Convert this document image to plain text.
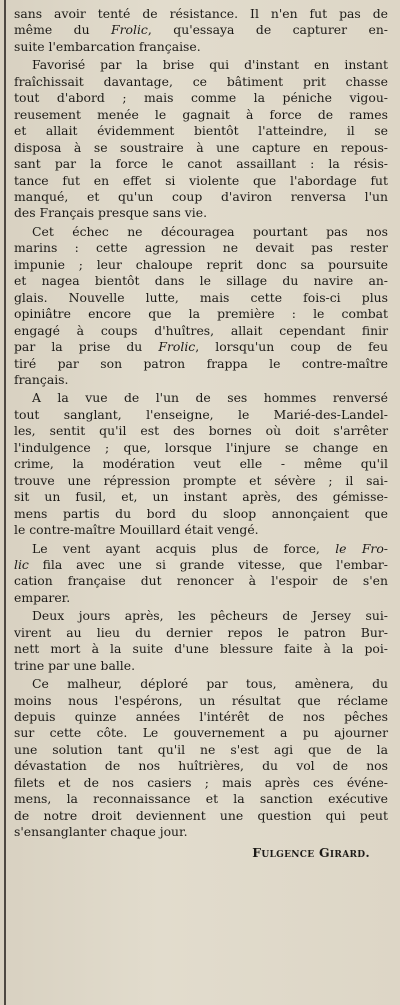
sans avoir tenté de résistance. Il n'en fut pas de
même du Frolic, qu'essaya de capturer en-
suite l'embarcation française.

Favorisé par la brise qui d'instant en instant
fraîchissait davantage, ce bâtiment prit chasse
tout d'abord ; mais comme la péniche vigou-
reusement menée le gagnait à force de rames
et allait évidemment bientôt l'atteindre, il se
disposa à se soustraire à une capture en repous-
sant par la force le canot assaillant : la résis-
tance fut en effet si violente que l'abordage fut
manqué, et qu'un coup d'aviron renversa l'un
des Français presque sans vie.

Cet échec ne découragea pourtant pas nos
marins : cette agression ne devait pas rester
impunie ; leur chaloupe reprit donc sa poursuite
et nagea bientôt dans le sillage du navire an-
glais. Nouvelle lutte, mais cette fois-ci plus
opiniâtre encore que la première : le combat
engagé à coups d'huîtres, allait cependant finir
par la prise du Frolic, lorsqu'un coup de feu
tiré par son patron frappa le contre-maître
français.

A la vue de l'un de ses hommes renversé
tout sanglant, l'enseigne, le Marié-des-Landel-
les, sentit qu'il est des bornes où doit s'arrêter
l'indulgence ; que, lorsque l'injure se change en
crime, la modération veut elle - même qu'il
trouve une répression prompte et sévère ; il sai-
sit un fusil, et, un instant après, des gémisse-
mens partis du bord du sloop annonçaient que
le contre-maître Mouillard était vengé.

Le vent ayant acquis plus de force, le Fro-
lic fila avec une si grande vitesse, que l'embar-
cation française dut renoncer à l'espoir de s'en
emparer.

Deux jours après, les pêcheurs de Jersey sui-
virent au lieu du dernier repos le patron Bur-
nett mort à la suite d'une blessure faite à la poi-
trine par une balle.

Ce malheur, déploré par tous, amènera, du
moins nous l'espérons, un résultat que réclame
depuis quinze années l'intérêt de nos pêches
sur cette côte. Le gouvernement a pu ajourner
une solution tant qu'il ne s'est agi que de la
dévastation de nos huîtrières, du vol de nos
filets et de nos casiers ; mais après ces événe-
mens, la reconnaissance et la sanction exécutive
de notre droit deviennent une question qui peut
s'ensanglanter chaque jour.

Fulgence Girard.
